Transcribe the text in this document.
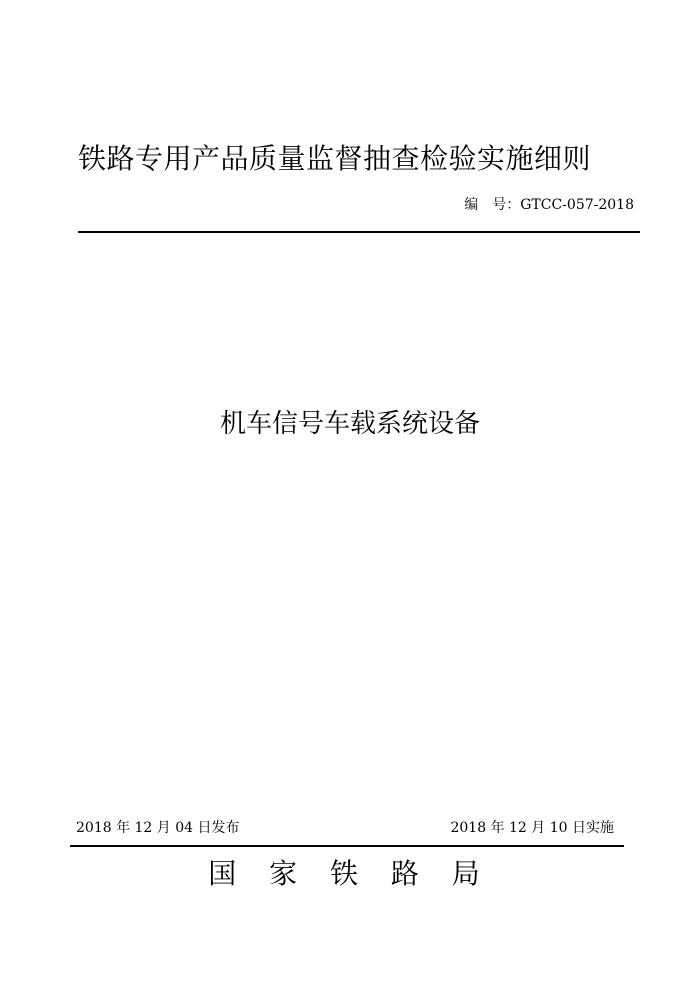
铁路专用产品质量监督抽查检验实施细则
编　号：GTCC-057-2018
机车信号车载系统设备
2018 年 12 月 04 日发布	2018 年 12 月 10 日实施
国 家 铁 路 局
